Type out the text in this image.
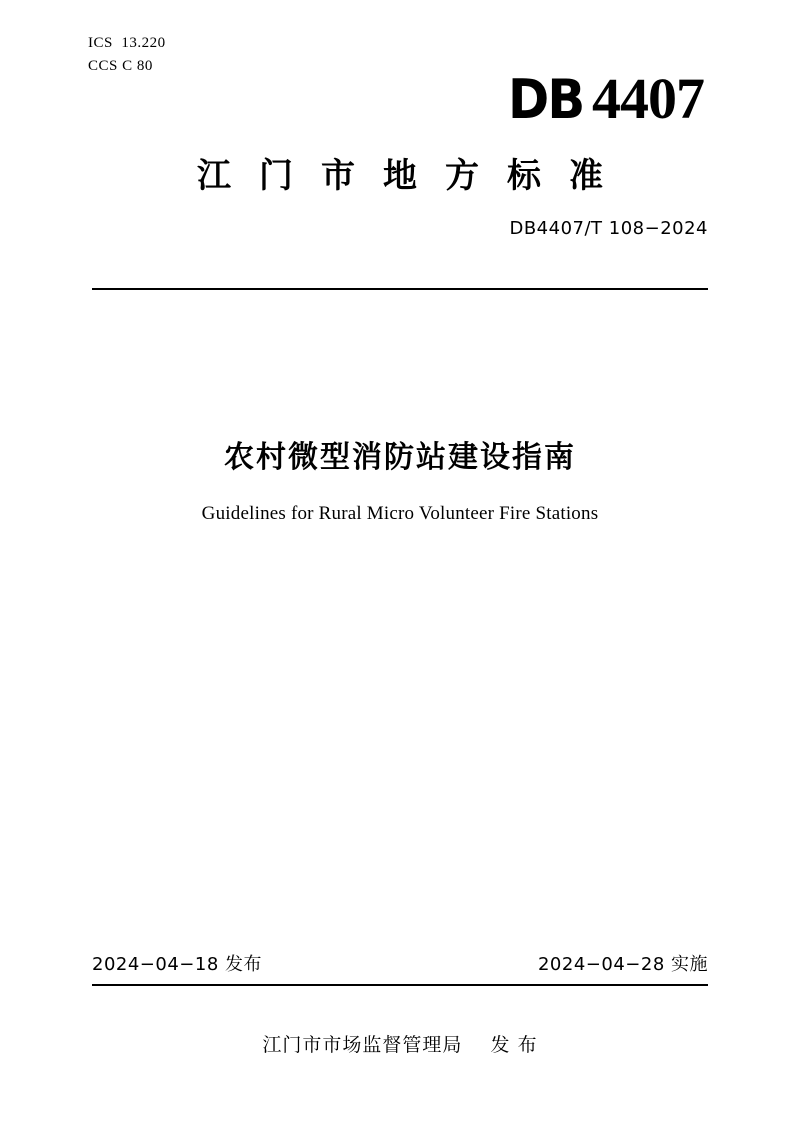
ICS  13.220
CCS C 80
DB 4407
江门市地方标准
DB4407/T 108−2024
农村微型消防站建设指南
Guidelines for Rural Micro Volunteer Fire Stations
2024−04−18 发布	2024−04−28 实施
江门市市场监督管理局    发 布
